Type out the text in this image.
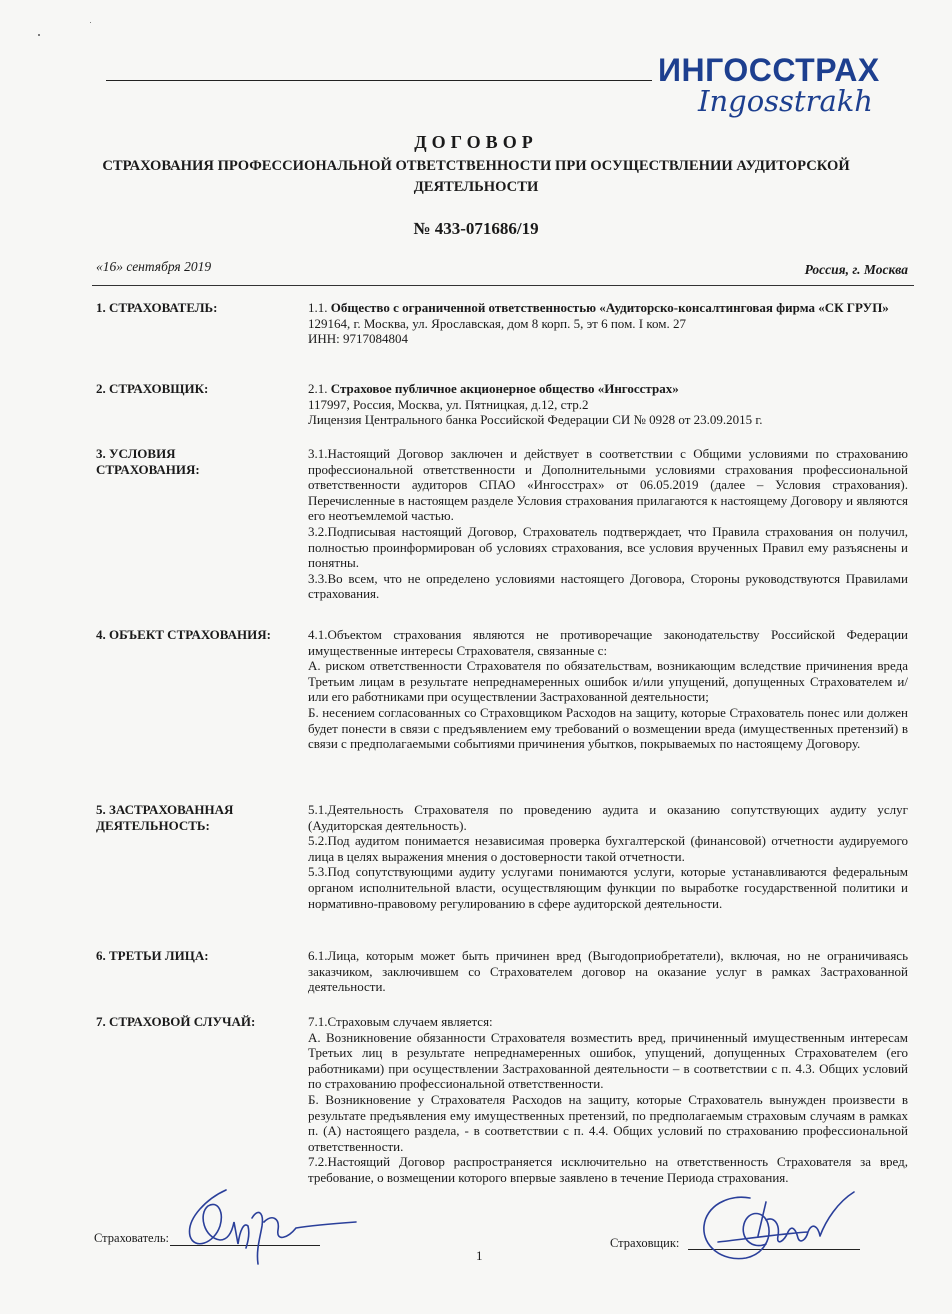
ИНГОССТРАХ
Ingosstrakh
ДОГОВОР
СТРАХОВАНИЯ ПРОФЕССИОНАЛЬНОЙ ОТВЕТСТВЕННОСТИ ПРИ ОСУЩЕСТВЛЕНИИ АУДИТОРСКОЙ ДЕЯТЕЛЬНОСТИ
№ 433-071686/19
«16» сентября 2019	Россия, г. Москва
1. СТРАХОВАТЕЛЬ:	1.1. Общество с ограниченной ответственностью «Аудиторско-консалтинговая фирма «СК ГРУП»

129164, г. Москва, ул. Ярославская, дом 8 корп. 5, эт 6 пом. I ком. 27

ИНН: 9717084804

2. СТРАХОВЩИК:	2.1. Страховое публичное акционерное общество «Ингосстрах»

117997, Россия, Москва, ул. Пятницкая, д.12, стр.2

Лицензия Центрального банка Российской Федерации СИ № 0928 от 23.09.2015 г.

3. УСЛОВИЯ СТРАХОВАНИЯ:

3.1.Настоящий Договор заключен и действует в соответствии с Общими условиями по страхованию профессиональной ответственности и Дополнительными условиями страхования профессиональной ответственности аудиторов СПАО «Ингосстрах» от 06.05.2019 (далее – Условия страхования). Перечисленные в настоящем разделе Условия страхования прилагаются к настоящему Договору и являются его неотъемлемой частью.

3.2.Подписывая настоящий Договор, Страхователь подтверждает, что Правила страхования он получил, полностью проинформирован об условиях страхования, все условия врученных Правил ему разъяснены и понятны.

3.3.Во всем, что не определено условиями настоящего Договора, Стороны руководствуются Правилами страхования.

4. ОБЪЕКТ СТРАХОВАНИЯ:	4.1.Объектом страхования являются не противоречащие законодательству Российской Федерации имущественные интересы Страхователя, связанные с:

А. риском ответственности Страхователя по обязательствам, возникающим вследствие причинения вреда Третьим лицам в результате непреднамеренных ошибок и/или упущений, допущенных Страхователем и/или его работниками при осуществлении Застрахованной деятельности;

Б. несением согласованных со Страховщиком Расходов на защиту, которые Страхователь понес или должен будет понести в связи с предъявлением ему требований о возмещении вреда (имущественных претензий) в связи с предполагаемыми событиями причинения убытков, покрываемых по настоящему Договору.

5. ЗАСТРАХОВАННАЯ ДЕЯТЕЛЬНОСТЬ:

5.1.Деятельность Страхователя по проведению аудита и оказанию сопутствующих аудиту услуг (Аудиторская деятельность).

5.2.Под аудитом понимается независимая проверка бухгалтерской (финансовой) отчетности аудируемого лица в целях выражения мнения о достоверности такой отчетности.

5.3.Под сопутствующими аудиту услугами понимаются услуги, которые устанавливаются федеральным органом исполнительной власти, осуществляющим функции по выработке государственной политики и нормативно-правовому регулированию в сфере аудиторской деятельности.

6. ТРЕТЬИ ЛИЦА:	6.1.Лица, которым может быть причинен вред (Выгодоприобретатели), включая, но не ограничиваясь заказчиком, заключившем со Страхователем договор на оказание услуг в рамках Застрахованной деятельности.

7. СТРАХОВОЙ СЛУЧАЙ:	7.1.Страховым случаем является:

А. Возникновение обязанности Страхователя возместить вред, причиненный имущественным интересам Третьих лиц в результате непреднамеренных ошибок, упущений, допущенных Страхователем (его работниками) при осуществлении Застрахованной деятельности – в соответствии с п. 4.3. Общих условий по страхованию профессиональной ответственности.

Б. Возникновение у Страхователя Расходов на защиту, которые Страхователь вынужден произвести в результате предъявления ему имущественных претензий, по предполагаемым страховым случаям в рамках п. (А) настоящего раздела, - в соответствии с п. 4.4. Общих условий по страхованию профессиональной ответственности.

7.2.Настоящий Договор распространяется исключительно на ответственность Страхователя за вред, требование, о возмещении которого впервые заявлено в течение Периода страхования.

Страхователь:
1
Страховщик:
